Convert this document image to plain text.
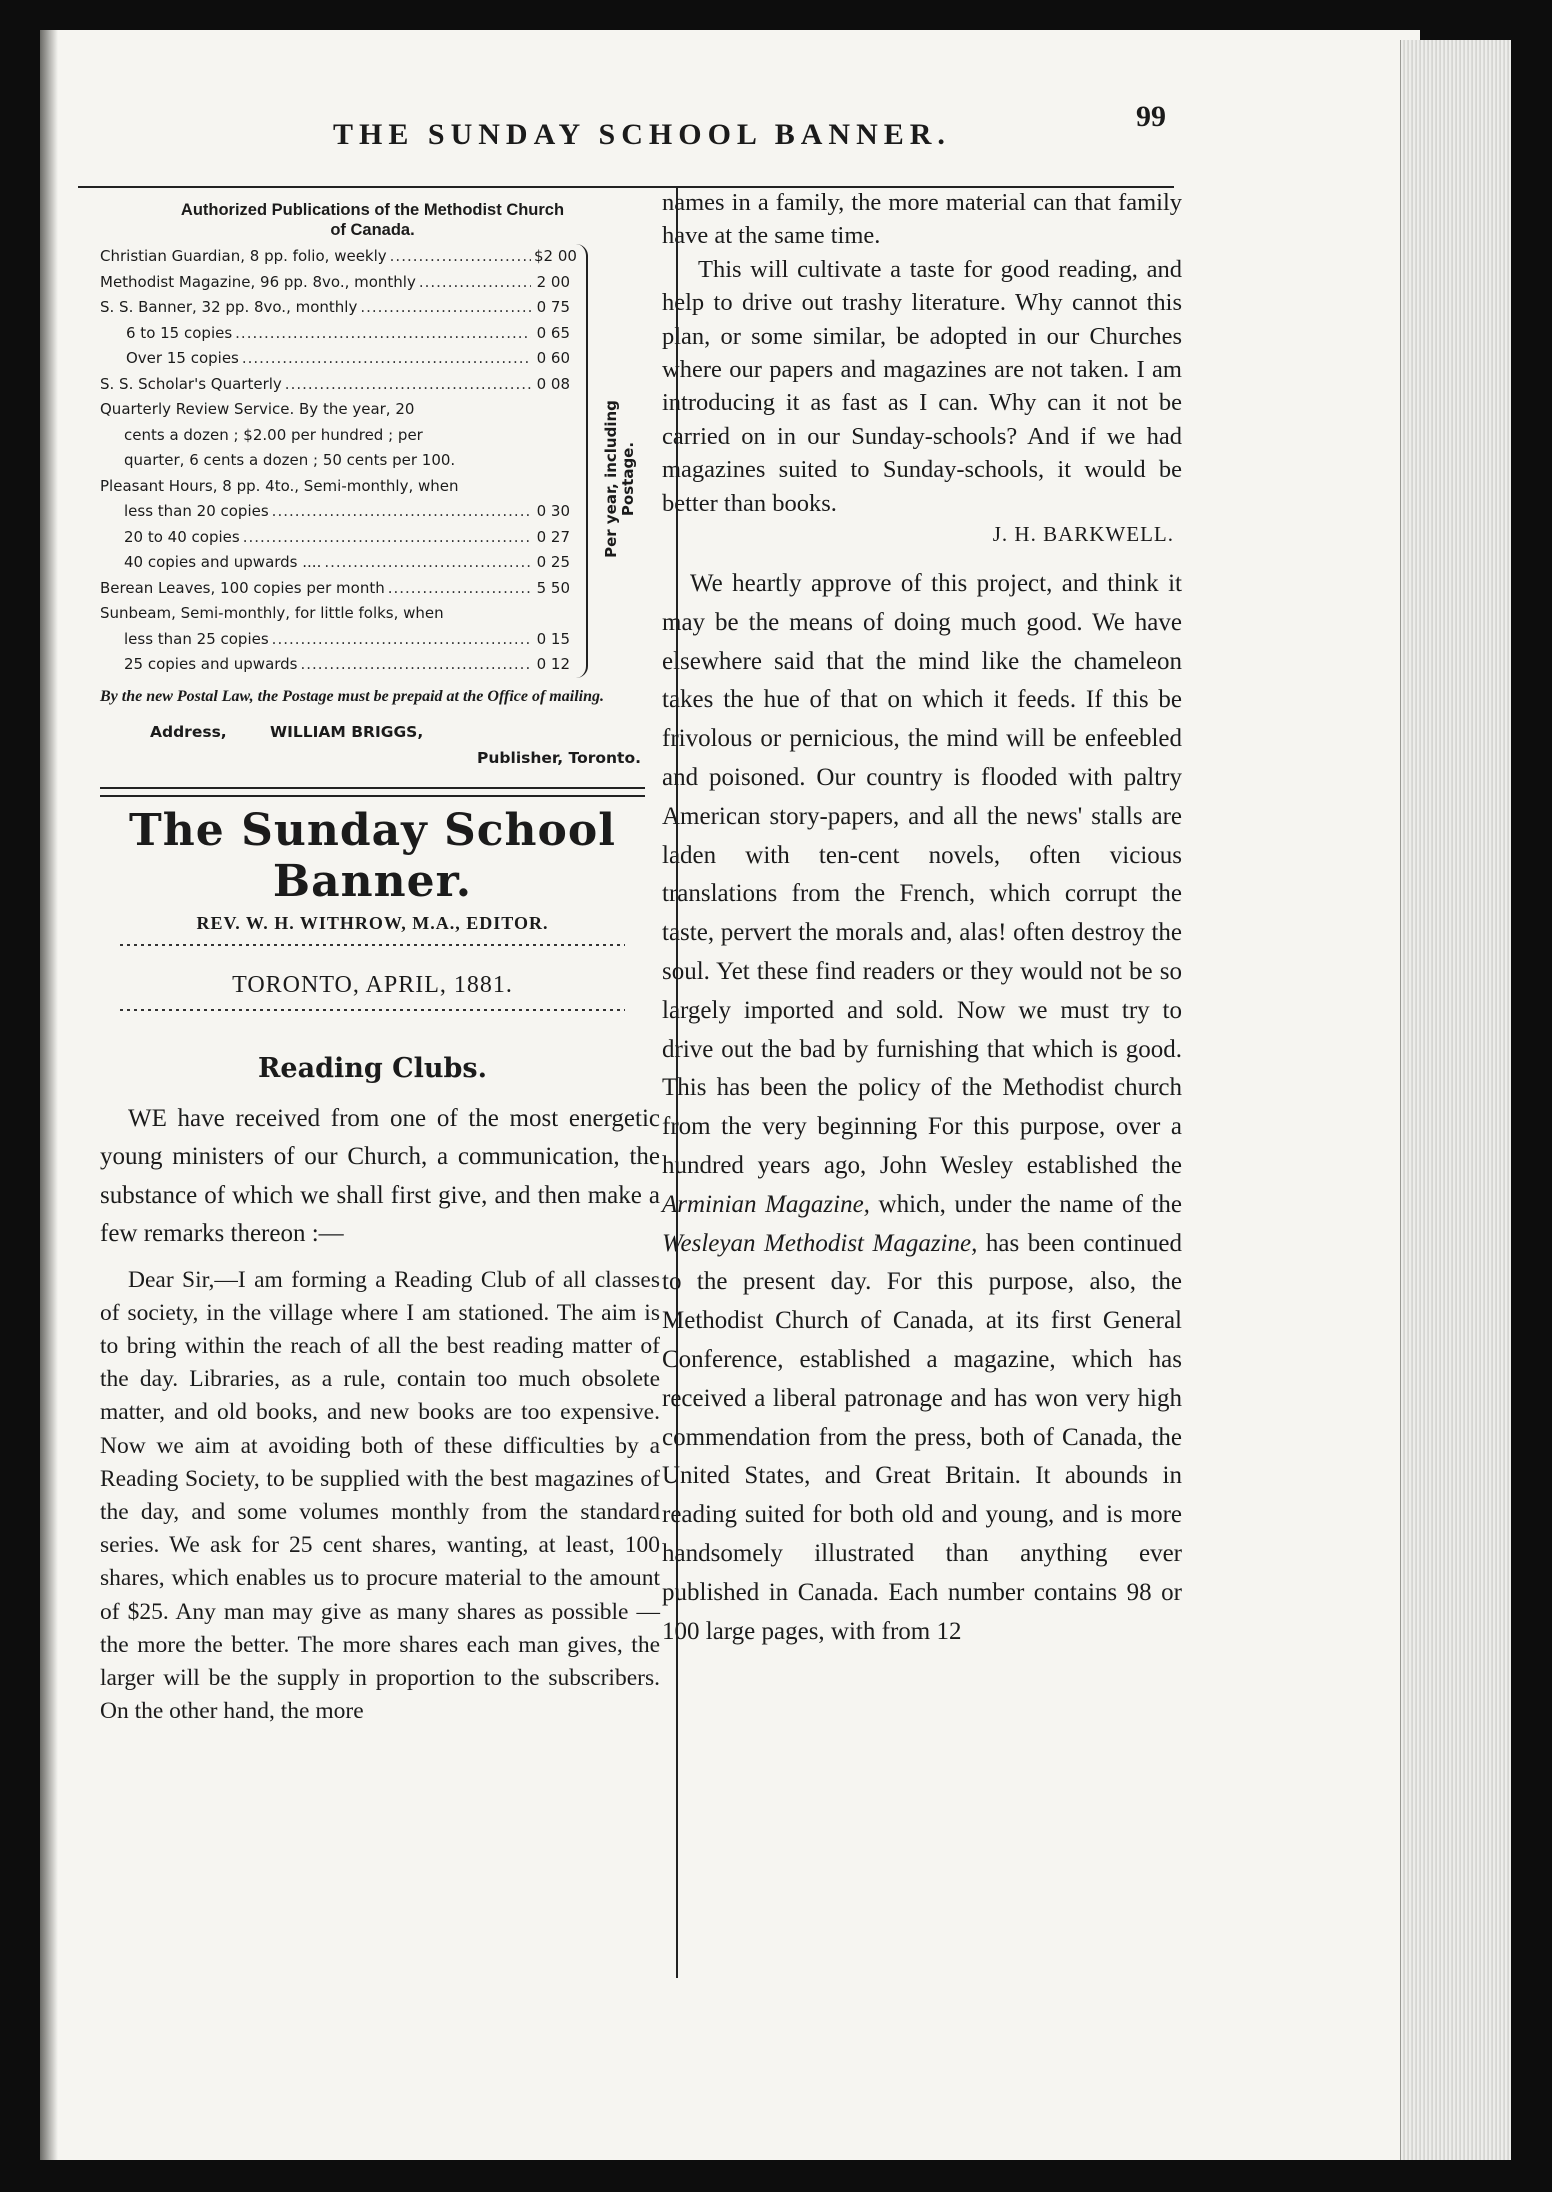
THE SUNDAY SCHOOL BANNER.
99
Authorized Publications of the Methodist Church
of Canada.
Christian Guardian, 8 pp. folio, weekly .....	$2 00
Methodist Magazine, 96 pp. 8vo., monthly .....	2 00
S. S. Banner, 32 pp. 8vo., monthly .....	0 75
6 to 15 copies .....	0 65
Over 15 copies .....	0 60
S. S. Scholar's Quarterly .....	0 08
Quarterly Review Service. By the year, 20
cents a dozen ; $2.00 per hundred ; per
quarter, 6 cents a dozen ; 50 cents per 100.
Pleasant Hours, 8 pp. 4to., Semi-monthly, when
less than 20 copies .....	0 30
20 to 40 copies .....	0 27
40 copies and upwards .... .....	0 25
Berean Leaves, 100 copies per month .....	5 50
Sunbeam, Semi-monthly, for little folks, when
less than 25 copies .....	0 15
25 copies and upwards .....	0 12
Per year, including Postage.
By the new Postal Law, the Postage must be prepaid at the Office of mailing.
Address,	WILLIAM BRIGGS,
Publisher, Toronto.
The Sunday School Banner.
REV. W. H. WITHROW, M.A., EDITOR.
TORONTO, APRIL, 1881.
Reading Clubs.

WE have received from one of the most energetic young ministers of our Church, a communication, the substance of which we shall first give, and then make a few remarks thereon :—

Dear Sir,—I am forming a Reading Club of all classes of society, in the village where I am stationed. The aim is to bring within the reach of all the best reading matter of the day. Libraries, as a rule, contain too much obsolete matter, and old books, and new books are too expensive. Now we aim at avoiding both of these difficulties by a Reading Society, to be supplied with the best magazines of the day, and some volumes monthly from the standard series. We ask for 25 cent shares, wanting, at least, 100 shares, which enables us to procure material to the amount of $25. Any man may give as many shares as possible — the more the better. The more shares each man gives, the larger will be the supply in proportion to the subscribers. On the other hand, the more

names in a family, the more material can that family have at the same time.

This will cultivate a taste for good reading, and help to drive out trashy literature. Why cannot this plan, or some similar, be adopted in our Churches where our papers and magazines are not taken. I am introducing it as fast as I can. Why can it not be carried on in our Sunday-schools? And if we had magazines suited to Sunday-schools, it would be better than books.

J. H. BARKWELL.

We heartly approve of this project, and think it may be the means of doing much good. We have elsewhere said that the mind like the chameleon takes the hue of that on which it feeds. If this be frivolous or pernicious, the mind will be enfeebled and poisoned. Our country is flooded with paltry American story-papers, and all the news' stalls are laden with ten-cent novels, often vicious translations from the French, which corrupt the taste, pervert the morals and, alas! often destroy the soul. Yet these find readers or they would not be so largely imported and sold. Now we must try to drive out the bad by furnishing that which is good. This has been the policy of the Methodist church from the very beginning For this purpose, over a hundred years ago, John Wesley established the Arminian Magazine, which, under the name of the Wesleyan Methodist Magazine, has been continued to the present day. For this purpose, also, the Methodist Church of Canada, at its first General Conference, established a magazine, which has received a liberal patronage and has won very high commendation from the press, both of Canada, the United States, and Great Britain. It abounds in reading suited for both old and young, and is more handsomely illustrated than anything ever published in Canada. Each number contains 98 or 100 large pages, with from 12
